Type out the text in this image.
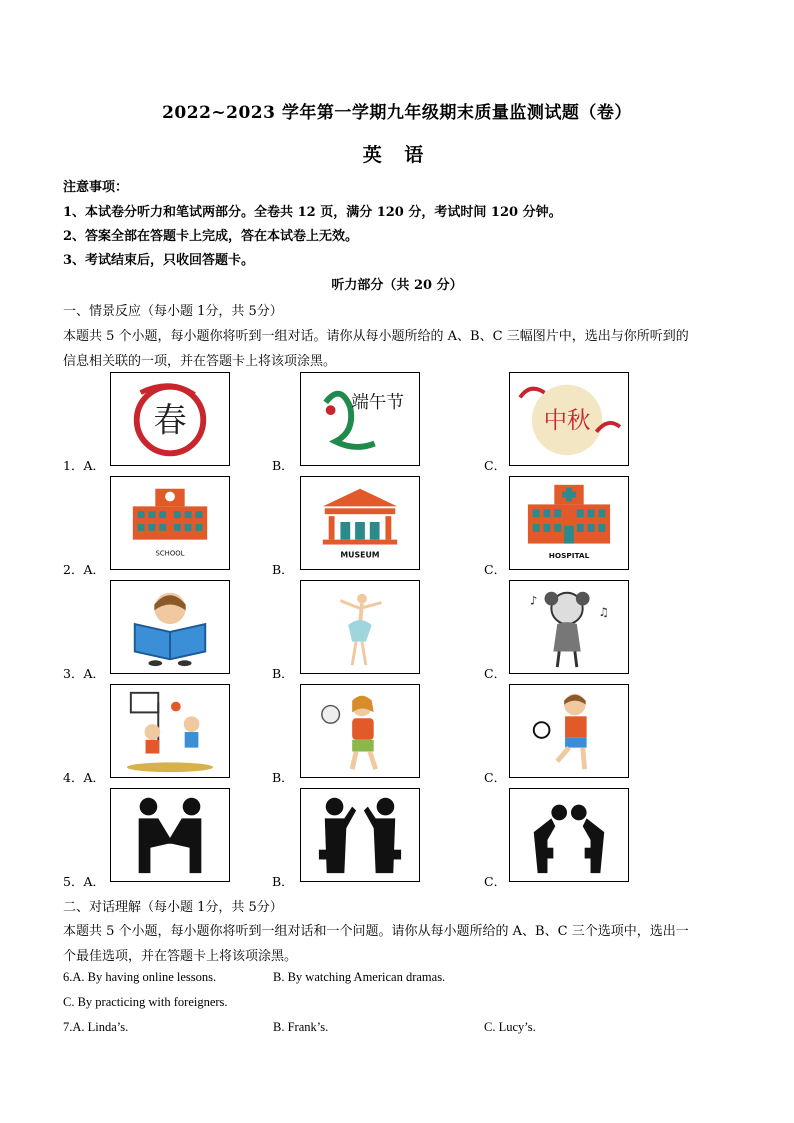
2022~2023 学年第一学期九年级期末质量监测试题（卷）
英 语
注意事项：
1、本试卷分听力和笔试两部分。全卷共 12 页，满分 120 分，考试时间 120 分钟。
2、答案全部在答题卡上完成，答在本试卷上无效。
3、考试结束后，只收回答题卡。
听力部分（共 20 分）
一、情景反应（每小题 1分，共 5分）
本题共 5 个小题，每小题你将听到一组对话。请你从每小题所给的 A、B、C 三幅图片中，选出与你所听到的
信息相关联的一项，并在答题卡上将该项涂黑。
1．A．
春
B．
端午节
C．
中秋
2．A．
SCHOOL
B．
MUSEUM
C．
HOSPITAL
3．A．	B．	C．
♪
♫
4．A．	B．	C．
5．A．	B．	C．
二、对话理解（每小题 1分，共 5分）
本题共 5 个小题，每小题你将听到一组对话和一个问题。请你从每小题所给的 A、B、C 三个选项中，选出一
个最佳选项，并在答题卡上将该项涂黑。
6.A. By having online lessons.	B. By watching American dramas.
C. By practicing with foreigners.
7.A. Linda’s.	B. Frank’s.	C. Lucy’s.
